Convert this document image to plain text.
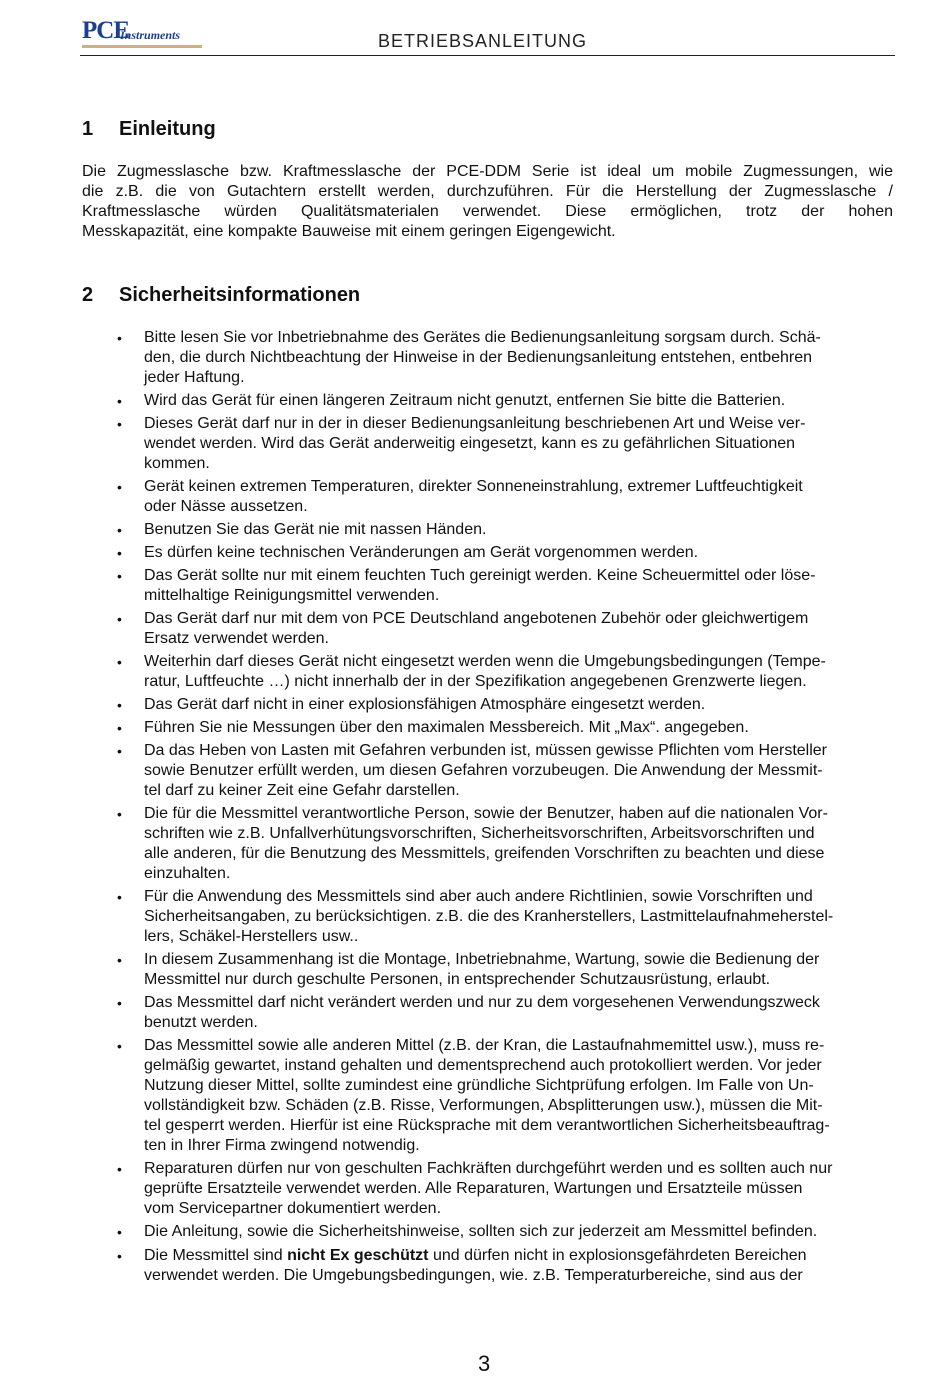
PCE
Instruments	BETRIEBSANLEITUNG
1 Einleitung
Die Zugmesslasche bzw. Kraftmesslasche der PCE-DDM Serie ist ideal um mobile Zugmessungen, wie
die z.B. die von Gutachtern erstellt werden, durchzuführen. Für die Herstellung der Zugmesslasche /
Kraftmesslasche würden Qualitätsmaterialen verwendet. Diese ermöglichen, trotz der hohen
Messkapazität, eine kompakte Bauweise mit einem geringen Eigengewicht.
2 Sicherheitsinformationen
• Bitte lesen Sie vor Inbetriebnahme des Gerätes die Bedienungsanleitung sorgsam durch. Schä-
den, die durch Nichtbeachtung der Hinweise in der Bedienungsanleitung entstehen, entbehren
jeder Haftung.
• Wird das Gerät für einen längeren Zeitraum nicht genutzt, entfernen Sie bitte die Batterien.
• Dieses Gerät darf nur in der in dieser Bedienungsanleitung beschriebenen Art und Weise ver-
wendet werden. Wird das Gerät anderweitig eingesetzt, kann es zu gefährlichen Situationen
kommen.
• Gerät keinen extremen Temperaturen, direkter Sonneneinstrahlung, extremer Luftfeuchtigkeit
oder Nässe aussetzen.
• Benutzen Sie das Gerät nie mit nassen Händen.
• Es dürfen keine technischen Veränderungen am Gerät vorgenommen werden.
• Das Gerät sollte nur mit einem feuchten Tuch gereinigt werden. Keine Scheuermittel oder löse-
mittelhaltige Reinigungsmittel verwenden.
• Das Gerät darf nur mit dem von PCE Deutschland angebotenen Zubehör oder gleichwertigem
Ersatz verwendet werden.
• Weiterhin darf dieses Gerät nicht eingesetzt werden wenn die Umgebungsbedingungen (Tempe-
ratur, Luftfeuchte …) nicht innerhalb der in der Spezifikation angegebenen Grenzwerte liegen.
• Das Gerät darf nicht in einer explosionsfähigen Atmosphäre eingesetzt werden.
• Führen Sie nie Messungen über den maximalen Messbereich. Mit „Max“. angegeben.
• Da das Heben von Lasten mit Gefahren verbunden ist, müssen gewisse Pflichten vom Hersteller
sowie Benutzer erfüllt werden, um diesen Gefahren vorzubeugen. Die Anwendung der Messmit-
tel darf zu keiner Zeit eine Gefahr darstellen.
• Die für die Messmittel verantwortliche Person, sowie der Benutzer, haben auf die nationalen Vor-
schriften wie z.B. Unfallverhütungsvorschriften, Sicherheitsvorschriften, Arbeitsvorschriften und
alle anderen, für die Benutzung des Messmittels, greifenden Vorschriften zu beachten und diese
einzuhalten.
• Für die Anwendung des Messmittels sind aber auch andere Richtlinien, sowie Vorschriften und
Sicherheitsangaben, zu berücksichtigen. z.B. die des Kranherstellers, Lastmittelaufnahmeherstel-
lers, Schäkel-Herstellers usw..
• In diesem Zusammenhang ist die Montage, Inbetriebnahme, Wartung, sowie die Bedienung der
Messmittel nur durch geschulte Personen, in entsprechender Schutzausrüstung, erlaubt.
• Das Messmittel darf nicht verändert werden und nur zu dem vorgesehenen Verwendungszweck
benutzt werden.
• Das Messmittel sowie alle anderen Mittel (z.B. der Kran, die Lastaufnahmemittel usw.), muss re-
gelmäßig gewartet, instand gehalten und dementsprechend auch protokolliert werden. Vor jeder
Nutzung dieser Mittel, sollte zumindest eine gründliche Sichtprüfung erfolgen. Im Falle von Un-
vollständigkeit bzw. Schäden (z.B. Risse, Verformungen, Absplitterungen usw.), müssen die Mit-
tel gesperrt werden. Hierfür ist eine Rücksprache mit dem verantwortlichen Sicherheitsbeauftrag-
ten in Ihrer Firma zwingend notwendig.
• Reparaturen dürfen nur von geschulten Fachkräften durchgeführt werden und es sollten auch nur
geprüfte Ersatzteile verwendet werden. Alle Reparaturen, Wartungen und Ersatzteile müssen
vom Servicepartner dokumentiert werden.
• Die Anleitung, sowie die Sicherheitshinweise, sollten sich zur jederzeit am Messmittel befinden.
• Die Messmittel sind nicht Ex geschützt und dürfen nicht in explosionsgefährdeten Bereichen
verwendet werden. Die Umgebungsbedingungen, wie. z.B. Temperaturbereiche, sind aus der
3
